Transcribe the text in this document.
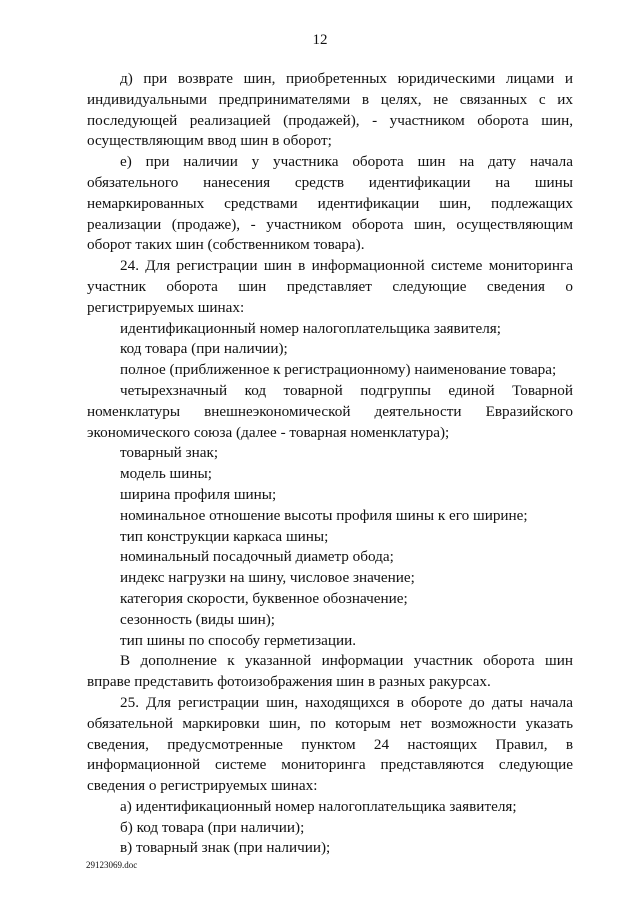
12

д) при возврате шин, приобретенных юридическими лицами и индивидуальными предпринимателями в целях, не связанных с их последующей реализацией (продажей), - участником оборота шин, осуществляющим ввод шин в оборот;

е) при наличии у участника оборота шин на дату начала обязательного нанесения средств идентификации на шины немаркированных средствами идентификации шин, подлежащих реализации (продаже), - участником оборота шин, осуществляющим оборот таких шин (собственником товара).

24. Для регистрации шин в информационной системе мониторинга участник оборота шин представляет следующие сведения о регистрируемых шинах:

идентификационный номер налогоплательщика заявителя;

код товара (при наличии);

полное (приближенное к регистрационному) наименование товара;

четырехзначный код товарной подгруппы единой Товарной номенклатуры внешнеэкономической деятельности Евразийского экономического союза (далее - товарная номенклатура);

товарный знак;

модель шины;

ширина профиля шины;

номинальное отношение высоты профиля шины к его ширине;

тип конструкции каркаса шины;

номинальный посадочный диаметр обода;

индекс нагрузки на шину, числовое значение;

категория скорости, буквенное обозначение;

сезонность (виды шин);

тип шины по способу герметизации.

В дополнение к указанной информации участник оборота шин вправе представить фотоизображения шин в разных ракурсах.

25. Для регистрации шин, находящихся в обороте до даты начала обязательной маркировки шин, по которым нет возможности указать сведения, предусмотренные пунктом 24 настоящих Правил, в информационной системе мониторинга представляются следующие сведения о регистрируемых шинах:

а) идентификационный номер налогоплательщика заявителя;

б) код товара (при наличии);

в) товарный знак (при наличии);

29123069.doc
